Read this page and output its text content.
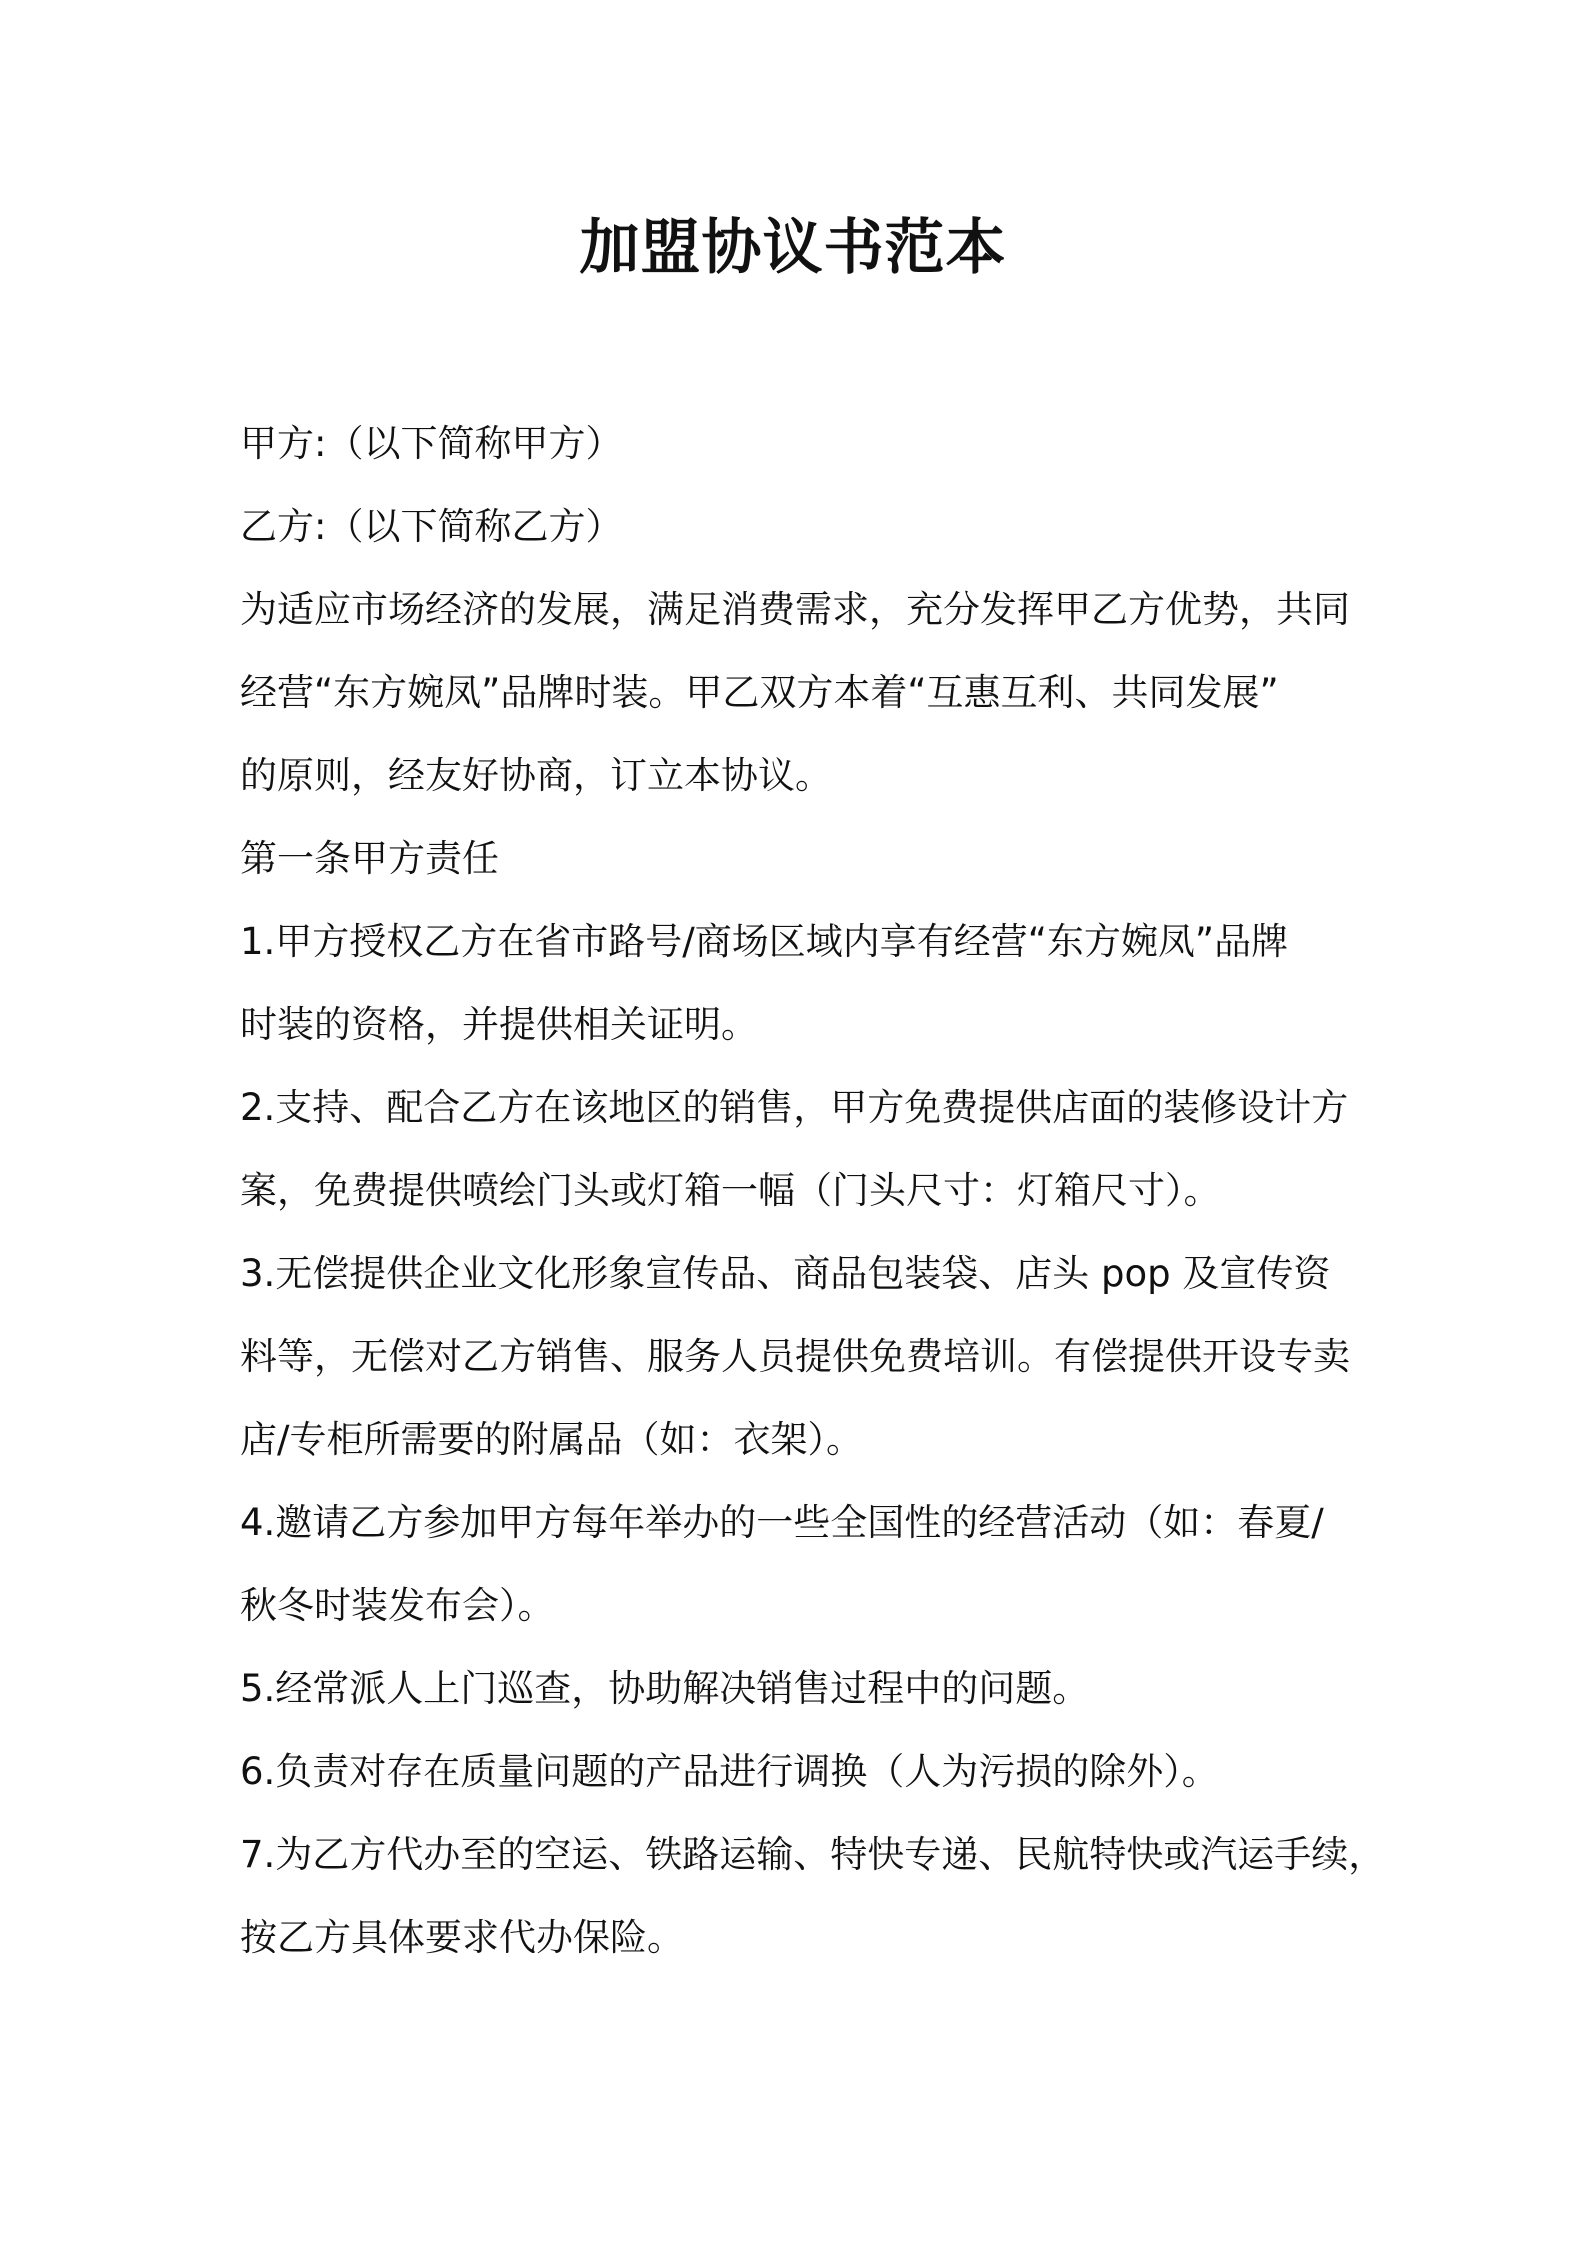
加盟协议书范本
甲方:（以下简称甲方）
乙方:（以下简称乙方）
为适应市场经济的发展，满足消费需求，充分发挥甲乙方优势，共同
经营“东方婉凤”品牌时装。甲乙双方本着“互惠互利、共同发展”
的原则，经友好协商，订立本协议。
第一条甲方责任
1.甲方授权乙方在省市路号/商场区域内享有经营“东方婉凤”品牌
时装的资格，并提供相关证明。
2.支持、配合乙方在该地区的销售，甲方免费提供店面的装修设计方
案，免费提供喷绘门头或灯箱一幅（门头尺寸：灯箱尺寸）。
3.无偿提供企业文化形象宣传品、商品包装袋、店头 pop 及宣传资
料等，无偿对乙方销售、服务人员提供免费培训。有偿提供开设专卖
店/专柜所需要的附属品（如：衣架）。
4.邀请乙方参加甲方每年举办的一些全国性的经营活动（如：春夏/
秋冬时装发布会）。
5.经常派人上门巡查，协助解决销售过程中的问题。
6.负责对存在质量问题的产品进行调换（人为污损的除外）。
7.为乙方代办至的空运、铁路运输、特快专递、民航特快或汽运手续，
按乙方具体要求代办保险。
